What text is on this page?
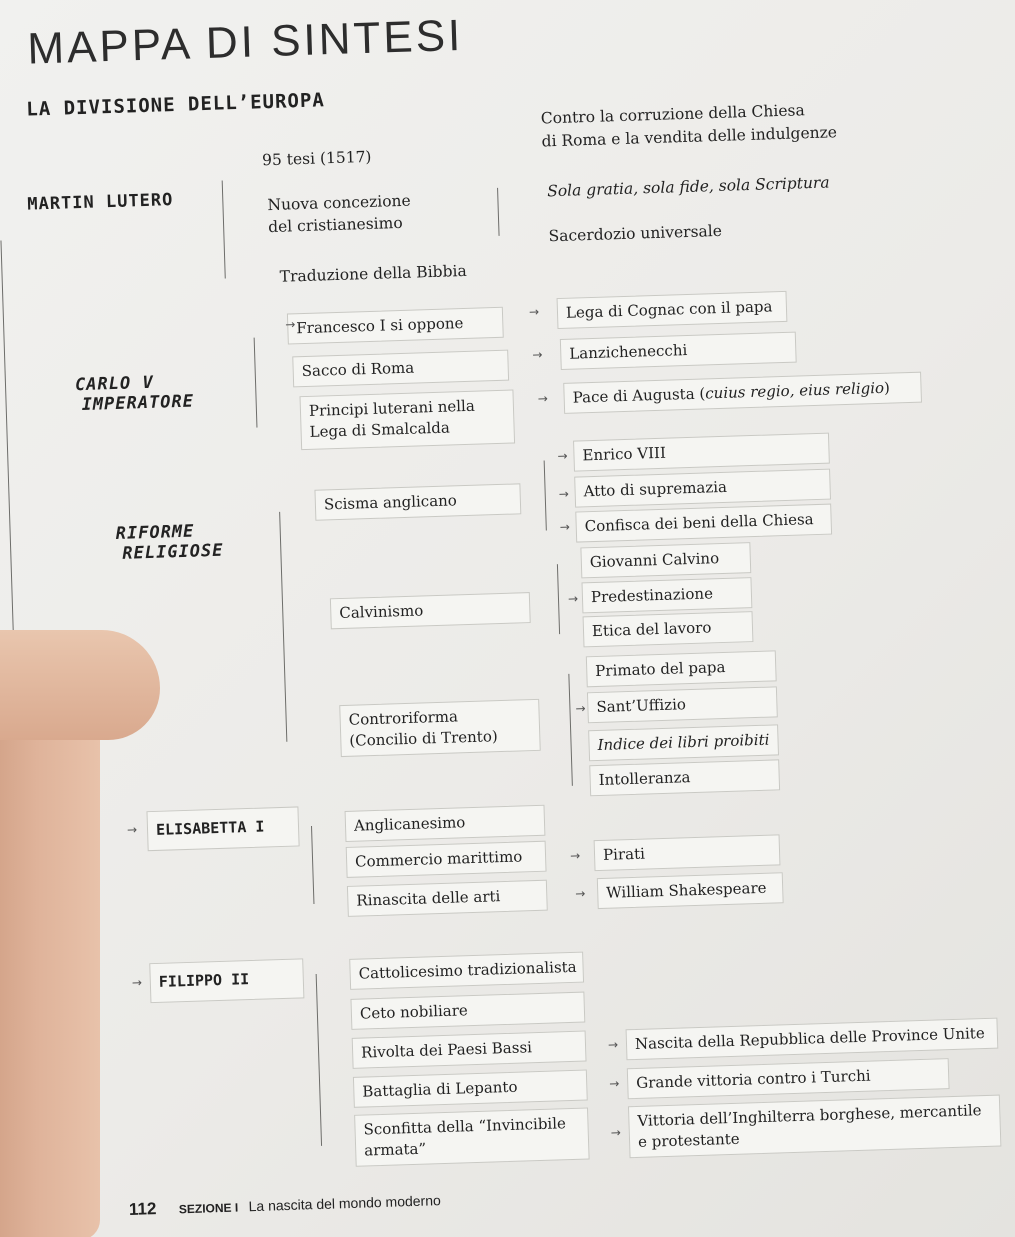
MAPPA DI SINTESI
LA DIVISIONE DELL’EUROPA
MARTIN LUTERO
95 tesi (1517)
Contro la corruzione della Chiesa
di Roma e la vendita delle indulgenze
Nuova concezione
del cristianesimo
Sola gratia, sola fide, sola Scriptura
Sacerdozio universale
Traduzione della Bibbia
CARLO V
IMPERATORE
Francesco I si oppone
Lega di Cognac con il papa
Sacco di Roma
Lanzichenecchi
Principi luterani nella
Lega di Smalcalda
Pace di Augusta (cuius regio, eius religio)
RIFORME
RELIGIOSE
Scisma anglicano
Enrico VIII
Atto di supremazia
Confisca dei beni della Chiesa
Calvinismo
Giovanni Calvino
Predestinazione
Etica del lavoro
Controriforma
(Concilio di Trento)
Primato del papa
Sant’Uffizio
Indice dei libri proibiti
Intolleranza
ELISABETTA I	Anglicanesimo
Commercio marittimo	Pirati
Rinascita delle arti	William Shakespeare
FILIPPO II	Cattolicesimo tradizionalista
Ceto nobiliare
Rivolta dei Paesi Bassi	Nascita della Repubblica delle Province Unite
Battaglia di Lepanto	Grande vittoria contro i Turchi
Sconfitta della “Invincibile
armata”
Vittoria dell’Inghilterra borghese, mercantile
e protestante
→
→
→
→
→
→
→
→
→
→
→
→
→
→
→
→
112 SEZIONE I La nascita del mondo moderno
